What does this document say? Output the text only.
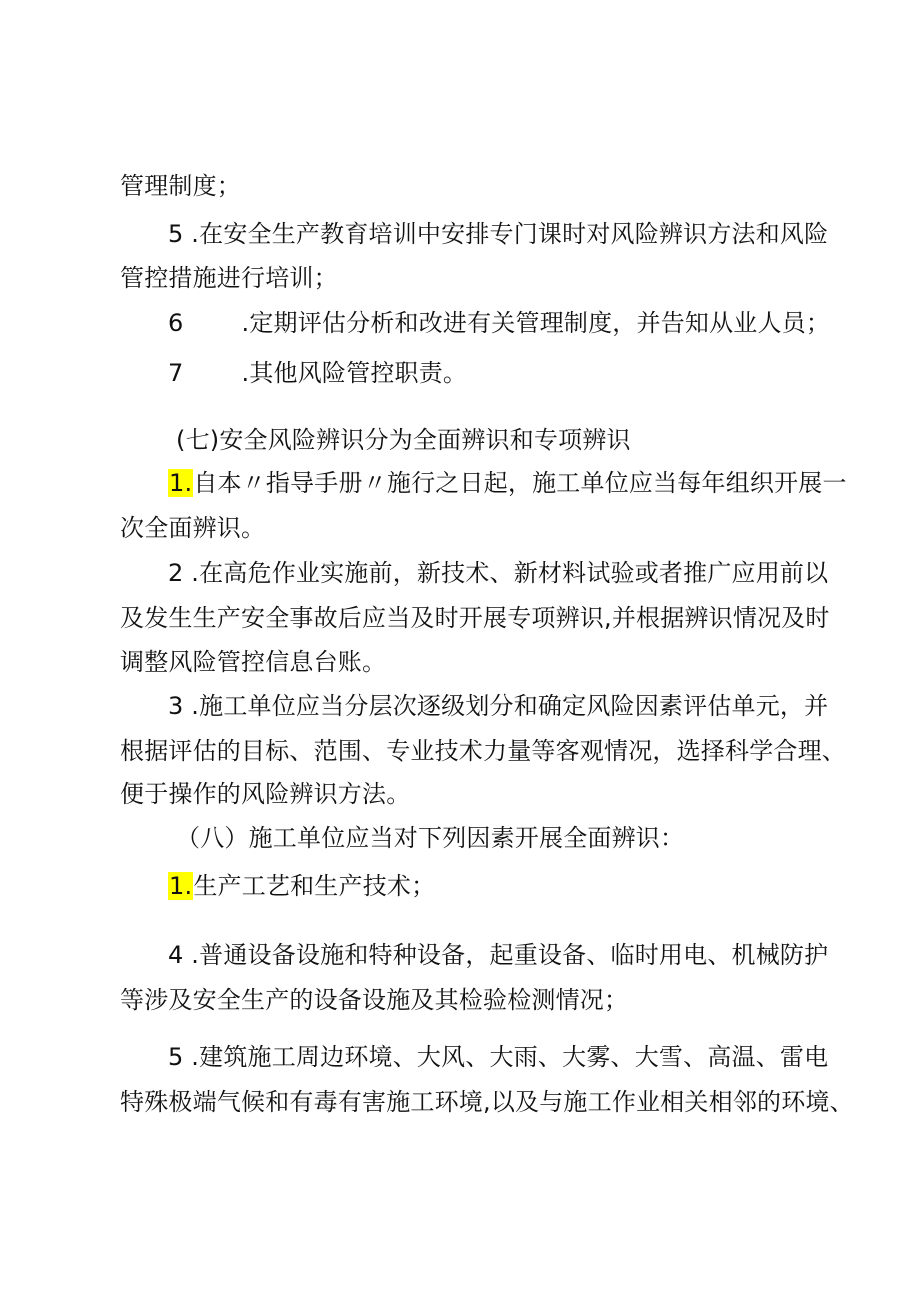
管理制度；
5 .在安全生产教育培训中安排专门课时对风险辨识方法和风险
管控措施进行培训；
6 .定期评估分析和改进有关管理制度，并告知从业人员；
7 .其他风险管控职责。
(七)安全风险辨识分为全面辨识和专项辨识
1.自本〃指导手册〃施行之日起，施工单位应当每年组织开展一
次全面辨识。
2 .在高危作业实施前，新技术、新材料试验或者推广应用前以
及发生生产安全事故后应当及时开展专项辨识,并根据辨识情况及时
调整风险管控信息台账。
3 .施工单位应当分层次逐级划分和确定风险因素评估单元，并
根据评估的目标、范围、专业技术力量等客观情况，选择科学合理、
便于操作的风险辨识方法。
（八）施工单位应当对下列因素开展全面辨识：
1.生产工艺和生产技术；
4 .普通设备设施和特种设备，起重设备、临时用电、机械防护
等涉及安全生产的设备设施及其检验检测情况；
5 .建筑施工周边环境、大风、大雨、大雾、大雪、高温、雷电
特殊极端气候和有毒有害施工环境,以及与施工作业相关相邻的环境、
